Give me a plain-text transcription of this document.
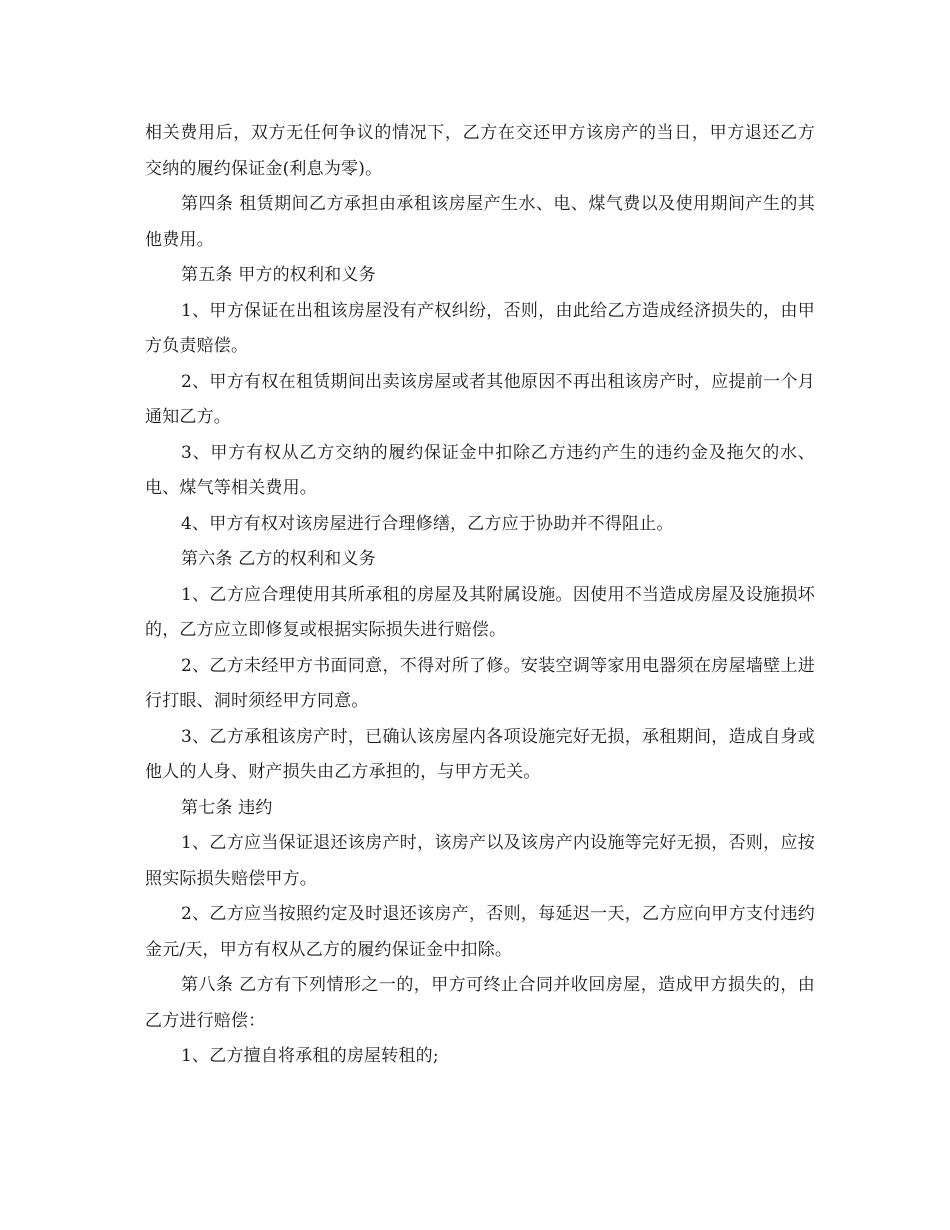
相关费用后，双方无任何争议的情况下，乙方在交还甲方该房产的当日，甲方退还乙方交纳的履约保证金(利息为零)。

第四条 租赁期间乙方承担由承租该房屋产生水、电、煤气费以及使用期间产生的其他费用。

第五条 甲方的权利和义务

1、甲方保证在出租该房屋没有产权纠纷，否则，由此给乙方造成经济损失的，由甲方负责赔偿。

2、甲方有权在租赁期间出卖该房屋或者其他原因不再出租该房产时，应提前一个月通知乙方。

3、甲方有权从乙方交纳的履约保证金中扣除乙方违约产生的违约金及拖欠的水、电、煤气等相关费用。

4、甲方有权对该房屋进行合理修缮，乙方应于协助并不得阻止。

第六条 乙方的权利和义务

1、乙方应合理使用其所承租的房屋及其附属设施。因使用不当造成房屋及设施损坏的，乙方应立即修复或根据实际损失进行赔偿。

2、乙方未经甲方书面同意，不得对所了修。安装空调等家用电器须在房屋墙壁上进行打眼、洞时须经甲方同意。

3、乙方承租该房产时，已确认该房屋内各项设施完好无损，承租期间，造成自身或他人的人身、财产损失由乙方承担的，与甲方无关。

第七条 违约

1、乙方应当保证退还该房产时，该房产以及该房产内设施等完好无损，否则，应按照实际损失赔偿甲方。

2、乙方应当按照约定及时退还该房产，否则，每延迟一天，乙方应向甲方支付违约金元/天，甲方有权从乙方的履约保证金中扣除。

第八条 乙方有下列情形之一的，甲方可终止合同并收回房屋，造成甲方损失的，由乙方进行赔偿：

1、乙方擅自将承租的房屋转租的;
